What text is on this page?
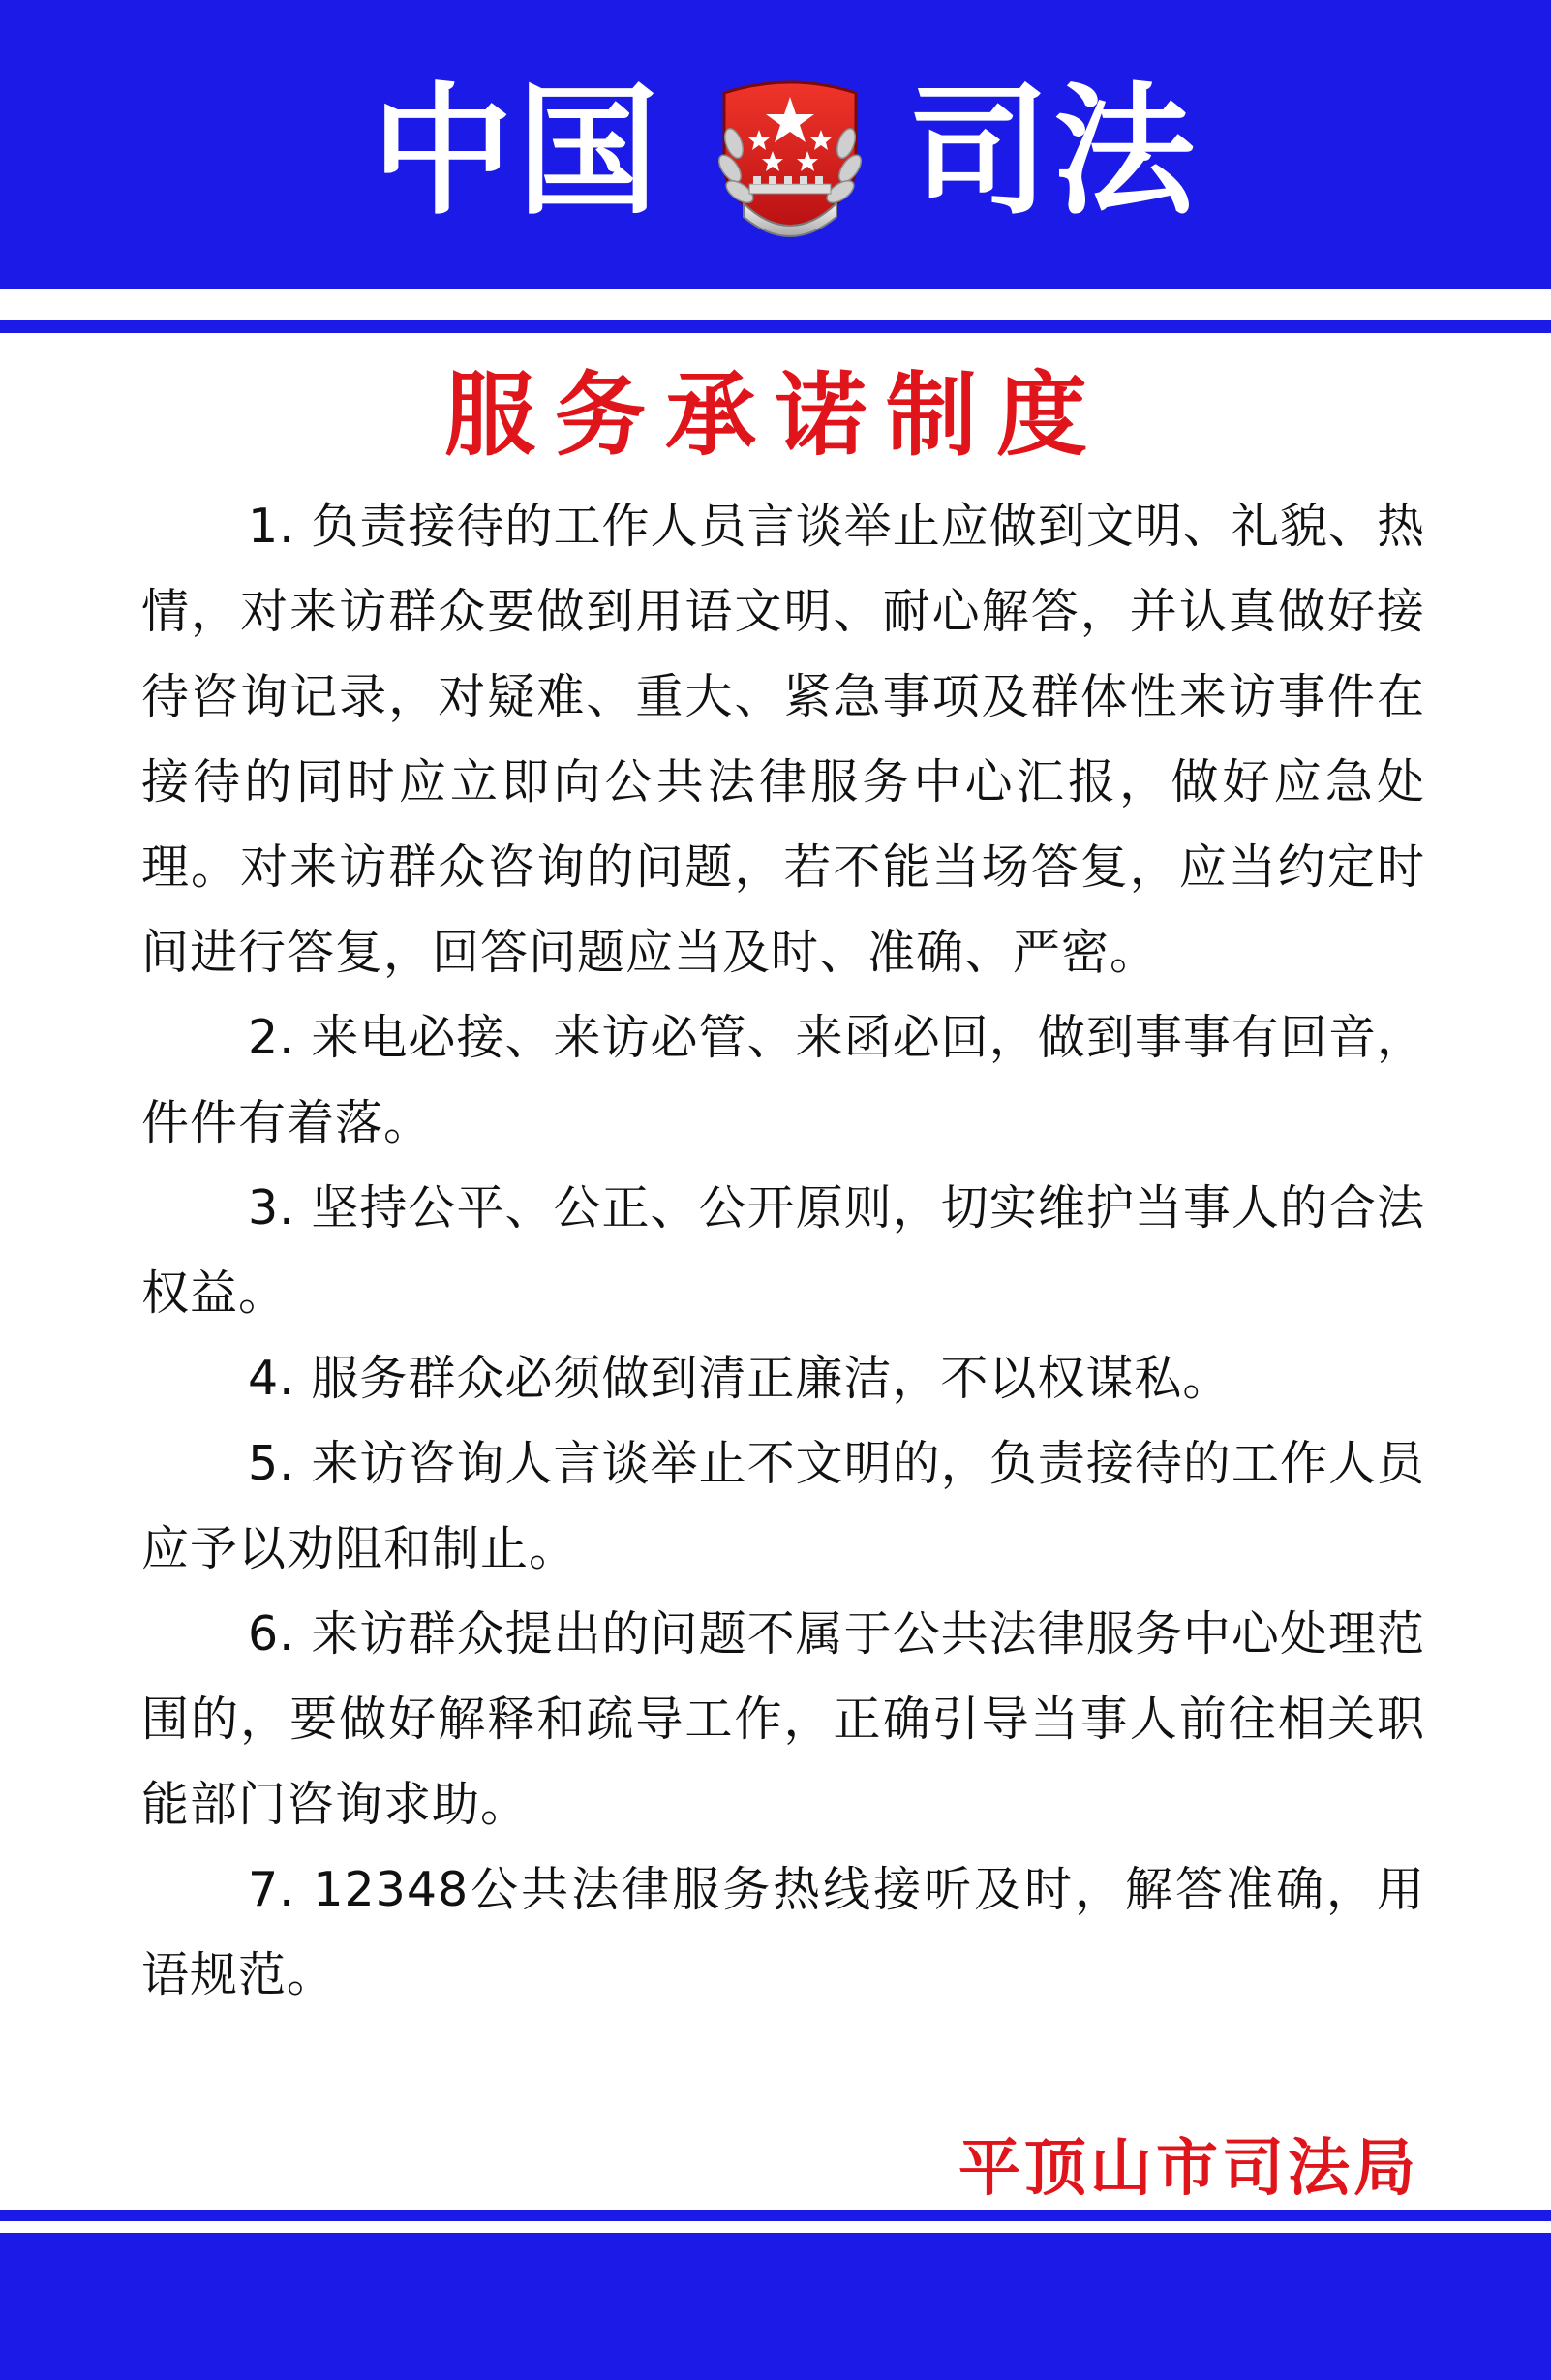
中国 司法
服务承诺制度

1. 负责接待的工作人员言谈举止应做到文明、礼貌、热情，对来访群众要做到用语文明、耐心解答，并认真做好接待咨询记录，对疑难、重大、紧急事项及群体性来访事件在接待的同时应立即向公共法律服务中心汇报，做好应急处理。对来访群众咨询的问题，若不能当场答复，应当约定时间进行答复，回答问题应当及时、准确、严密。

2. 来电必接、来访必管、来函必回，做到事事有回音，件件有着落。

3. 坚持公平、公正、公开原则，切实维护当事人的合法权益。

4. 服务群众必须做到清正廉洁，不以权谋私。

5. 来访咨询人言谈举止不文明的，负责接待的工作人员应予以劝阻和制止。

6. 来访群众提出的问题不属于公共法律服务中心处理范围的，要做好解释和疏导工作，正确引导当事人前往相关职能部门咨询求助。

7. 12348公共法律服务热线接听及时，解答准确，用语规范。

平顶山市司法局
